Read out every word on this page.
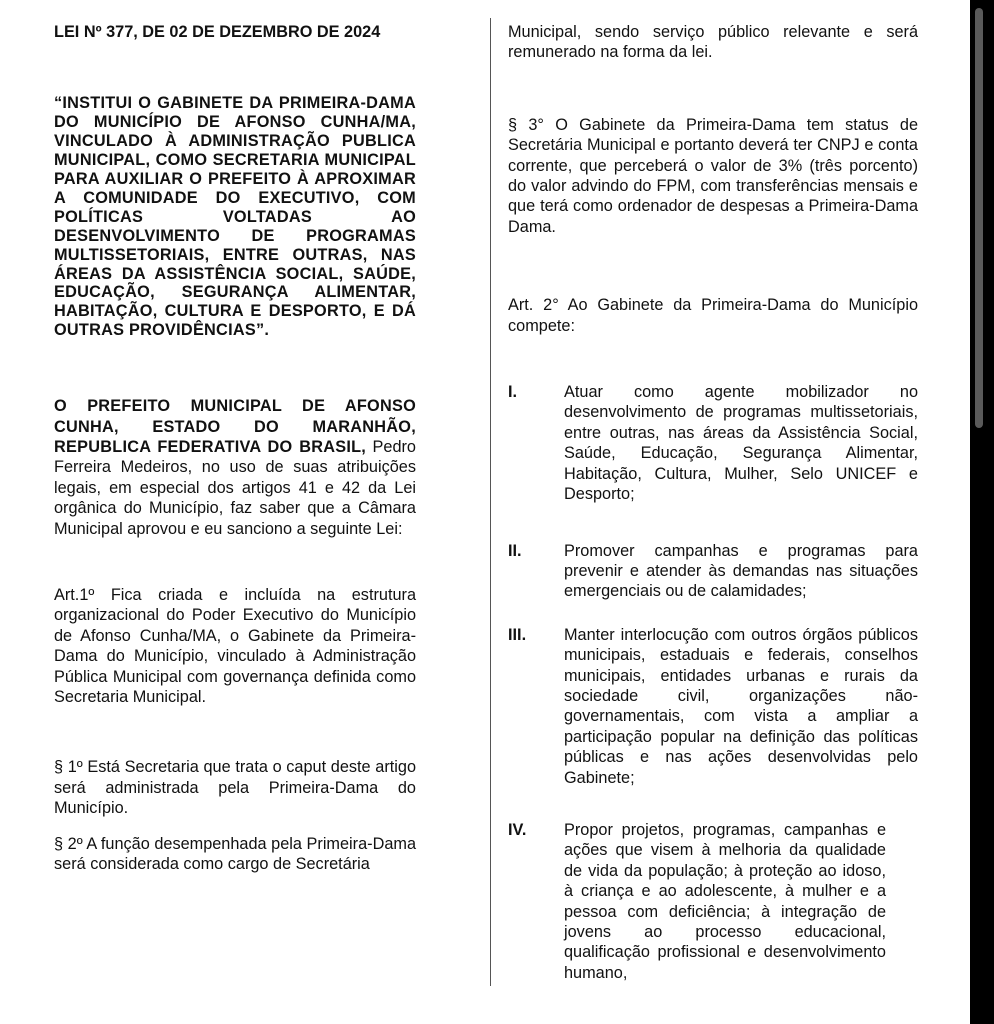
LEI Nº 377, DE 02 DE DEZEMBRO DE 2024

“INSTITUI O GABINETE DA PRIMEIRA-DAMA DO MUNICÍPIO DE AFONSO CUNHA/MA, VINCULADO À ADMINISTRAÇÃO PUBLICA MUNICIPAL, COMO SECRETARIA MUNICIPAL PARA AUXILIAR O PREFEITO À APROXIMAR A COMUNIDADE DO EXECUTIVO, COM POLÍTICAS VOLTADAS AO DESENVOLVIMENTO DE PROGRAMAS MULTISSETORIAIS, ENTRE OUTRAS, NAS ÁREAS DA ASSISTÊNCIA SOCIAL, SAÚDE, EDUCAÇÃO, SEGURANÇA ALIMENTAR, HABITAÇÃO, CULTURA E DESPORTO, E DÁ OUTRAS PROVIDÊNCIAS”.

O PREFEITO MUNICIPAL DE AFONSO CUNHA, ESTADO DO MARANHÃO, REPUBLICA FEDERATIVA DO BRASIL, Pedro Ferreira Medeiros, no uso de suas atribuições legais, em especial dos artigos 41 e 42 da Lei orgânica do Município, faz saber que a Câmara Municipal aprovou e eu sanciono a seguinte Lei:

Art.1º Fica criada e incluída na estrutura organizacional do Poder Executivo do Município de Afonso Cunha/MA, o Gabinete da Primeira-Dama do Município, vinculado à Administração Pública Municipal com governança definida como Secretaria Municipal.

§ 1º Está Secretaria que trata o caput deste artigo será administrada pela Primeira-Dama do Município.

§ 2º A função desempenhada pela Primeira-Dama será considerada como cargo de Secretária

Municipal, sendo serviço público relevante e será remunerado na forma da lei.

§ 3° O Gabinete da Primeira-Dama tem status de Secretária Municipal e portanto deverá ter CNPJ e conta corrente, que perceberá o valor de 3% (três porcento) do valor advindo do FPM, com transferências mensais e que terá como ordenador de despesas a Primeira-Dama Dama.

Art. 2° Ao Gabinete da Primeira-Dama do Município compete:

I.	Atuar como agente mobilizador no desenvolvimento de programas multissetoriais, entre outras, nas áreas da Assistência Social, Saúde, Educação, Segurança Alimentar, Habitação, Cultura, Mulher, Selo UNICEF e Desporto;
II.	Promover campanhas e programas para prevenir e atender às demandas nas situações emergenciais ou de calamidades;
III. Manter interlocução com outros órgãos públicos municipais, estaduais e federais, conselhos municipais, entidades urbanas e rurais da sociedade civil, organizações não-governamentais, com vista a ampliar a participação popular na definição das políticas públicas e nas ações desenvolvidas pelo Gabinete;
IV. Propor projetos, programas, campanhas e ações que visem à melhoria da qualidade de vida da população; à proteção ao idoso, à criança e ao adolescente, à mulher e a pessoa com deficiência; à integração de jovens ao processo educacional, qualificação profissional e desenvolvimento humano,
